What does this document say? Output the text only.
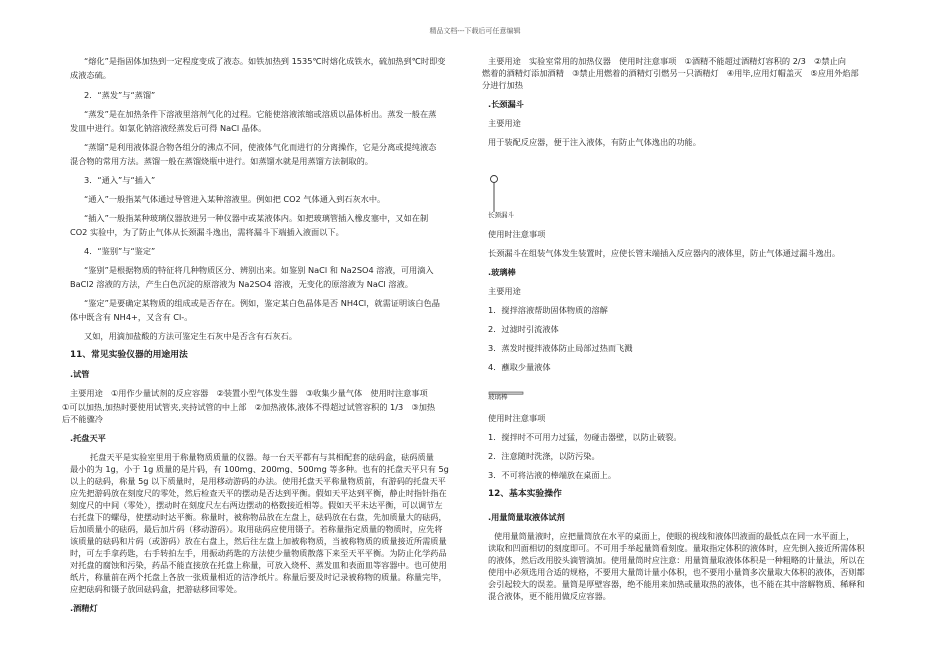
精品文档---下载后可任意编辑

“熔化”是指固体加热到一定程度变成了液态。如铁加热到 1535℃时熔化成铁水，硫加热到℃时即变

成液态硫。

2．“蒸发”与“蒸馏”

“蒸发”是在加热条件下溶液里溶剂气化的过程。它能使溶液浓缩或溶质以晶体析出。蒸发一般在蒸

发皿中进行。如氯化钠溶液经蒸发后可得 NaCl 晶体。

“蒸馏”是利用液体混合物各组分的沸点不同，使液体气化而进行的分离操作，它是分离或提纯液态

混合物的常用方法。蒸馏一般在蒸馏烧瓶中进行。如蒸馏水就是用蒸馏方法制取的。

3．“通入”与“插入”

“通入”一般指某气体通过导管进入某种溶液里。例如把 CO2 气体通入到石灰水中。

“插入”一般指某种玻璃仪器放进另一种仪器中或某液体内。如把玻璃管插入橡皮塞中，又如在制

CO2 实验中，为了防止气体从长颈漏斗逸出，需将漏斗下端插入液面以下。

4．“鉴别”与“鉴定”

“鉴别”是根据物质的特征将几种物质区分、辨别出来。如鉴别 NaCl 和 Na2SO4 溶液，可用滴入

BaCl2 溶液的方法，产生白色沉淀的原溶液为 Na2SO4 溶液，无变化的原溶液为 NaCl 溶液。

“鉴定”是要确定某物质的组成或是否存在。例如，鉴定某白色晶体是否 NH4Cl，就需证明该白色晶

体中既含有 NH4+，又含有 Cl-。

又如，用滴加盐酸的方法可鉴定生石灰中是否含有石灰石。

11、常见实验仪器的用途用法

.试管

主要用途　①用作少量试剂的反应容器　②装置小型气体发生器　③收集少量气体　使用时注意事项

①可以加热,加热时要使用试管夹,夹持试管的中上部　②加热液体,液体不得超过试管容积的 1/3　③加热

后不能骤冷

.托盘天平

托盘天平是实验室里用于称量物质质量的仪器。每一台天平都有与其相配套的砝码盒，砝码质量

最小的为 1g，小于 1g 质量的是片码，有 100mg、200mg、500mg 等多种。也有的托盘天平只有 5g

以上的砝码，称量 5g 以下质量时，是用移动游码的办法。使用托盘天平称量物质前，有游码的托盘天平

应先把游码放在刻度尺的零处，然后检查天平的摆动是否达到平衡。假如天平达到平衡，静止时指针指在

刻度尺的中间（零处），摆动时在刻度尺左右两边摆动的格数接近相等。假如天平未达平衡，可以调节左

右托盘下的螺母，使摆动时达平衡。称量时，被称物品放在左盘上，砝码放在右盘，先加质量大的砝码，

后加质量小的砝码，最后加片码（移动游码）。取用砝码应使用镊子。若称量指定质量的物质时，应先将

该质量的砝码和片码（或游码）放在右盘上，然后往左盘上加被称物质，当被称物质的质量接近所需质量

时，可左手拿药匙，右手转拍左手，用振动药匙的方法使少量物质散落下来至天平平衡。为防止化学药品

对托盘的腐蚀和污染，药品不能直接放在托盘上称量，可放入烧杯、蒸发皿和表面皿等容器中。也可使用

纸片，称量前在两个托盘上各放一张质量相近的洁净纸片。称量后要及时记录被称物的质量。称量完毕，

应把砝码和镊子放回砝码盒，把游砝移回零处。

.酒精灯

主要用途　实验室常用的加热仪器　使用时注意事项　①酒精不能超过酒精灯容积的 2/3　②禁止向

燃着的酒精灯添加酒精　③禁止用燃着的酒精灯引燃另一只酒精灯　④用毕,应用灯帽盖灭　⑤应用外焰部

分进行加热

.长颈漏斗

主要用途

用于装配反应器，便于注入液体，有防止气体逸出的功能。

使用时注意事项

长颈漏斗在组装气体发生装置时，应使长管末端插入反应器内的液体里，防止气体通过漏斗逸出。

.玻璃棒

主要用途

1．搅拌溶液帮助固体物质的溶解

2．过滤时引流液体

3．蒸发时搅拌液体防止局部过热而飞溅

4．蘸取少量液体

使用时注意事项

1．搅拌时不可用力过猛，勿碰击器壁，以防止破裂。

2．注意随时洗涤，以防污染。

3．不可将沾液的棒端放在桌面上。

12、基本实验操作

.用量筒量取液体试剂

使用量筒量液时，应把量筒放在水平的桌面上，使眼的视线和液体凹液面的最低点在同一水平面上，

读取和凹面相切的刻度即可。不可用手举起量筒看刻度。量取指定体积的液体时，应先倒入接近所需体积

的液体，然后改用胶头滴管滴加。使用量筒时应注意：用量筒量取液体体积是一种粗略的计量法，所以在

使用中必须选用合适的规格，不要用大量筒计量小体积，也不要用小量筒多次量取大体积的液体，否则都

会引起较大的误差。量筒是厚壁容器，绝不能用来加热或量取热的液体，也不能在其中溶解物质、稀释和

混合液体，更不能用做反应容器。

长颈漏斗
玻璃棒
